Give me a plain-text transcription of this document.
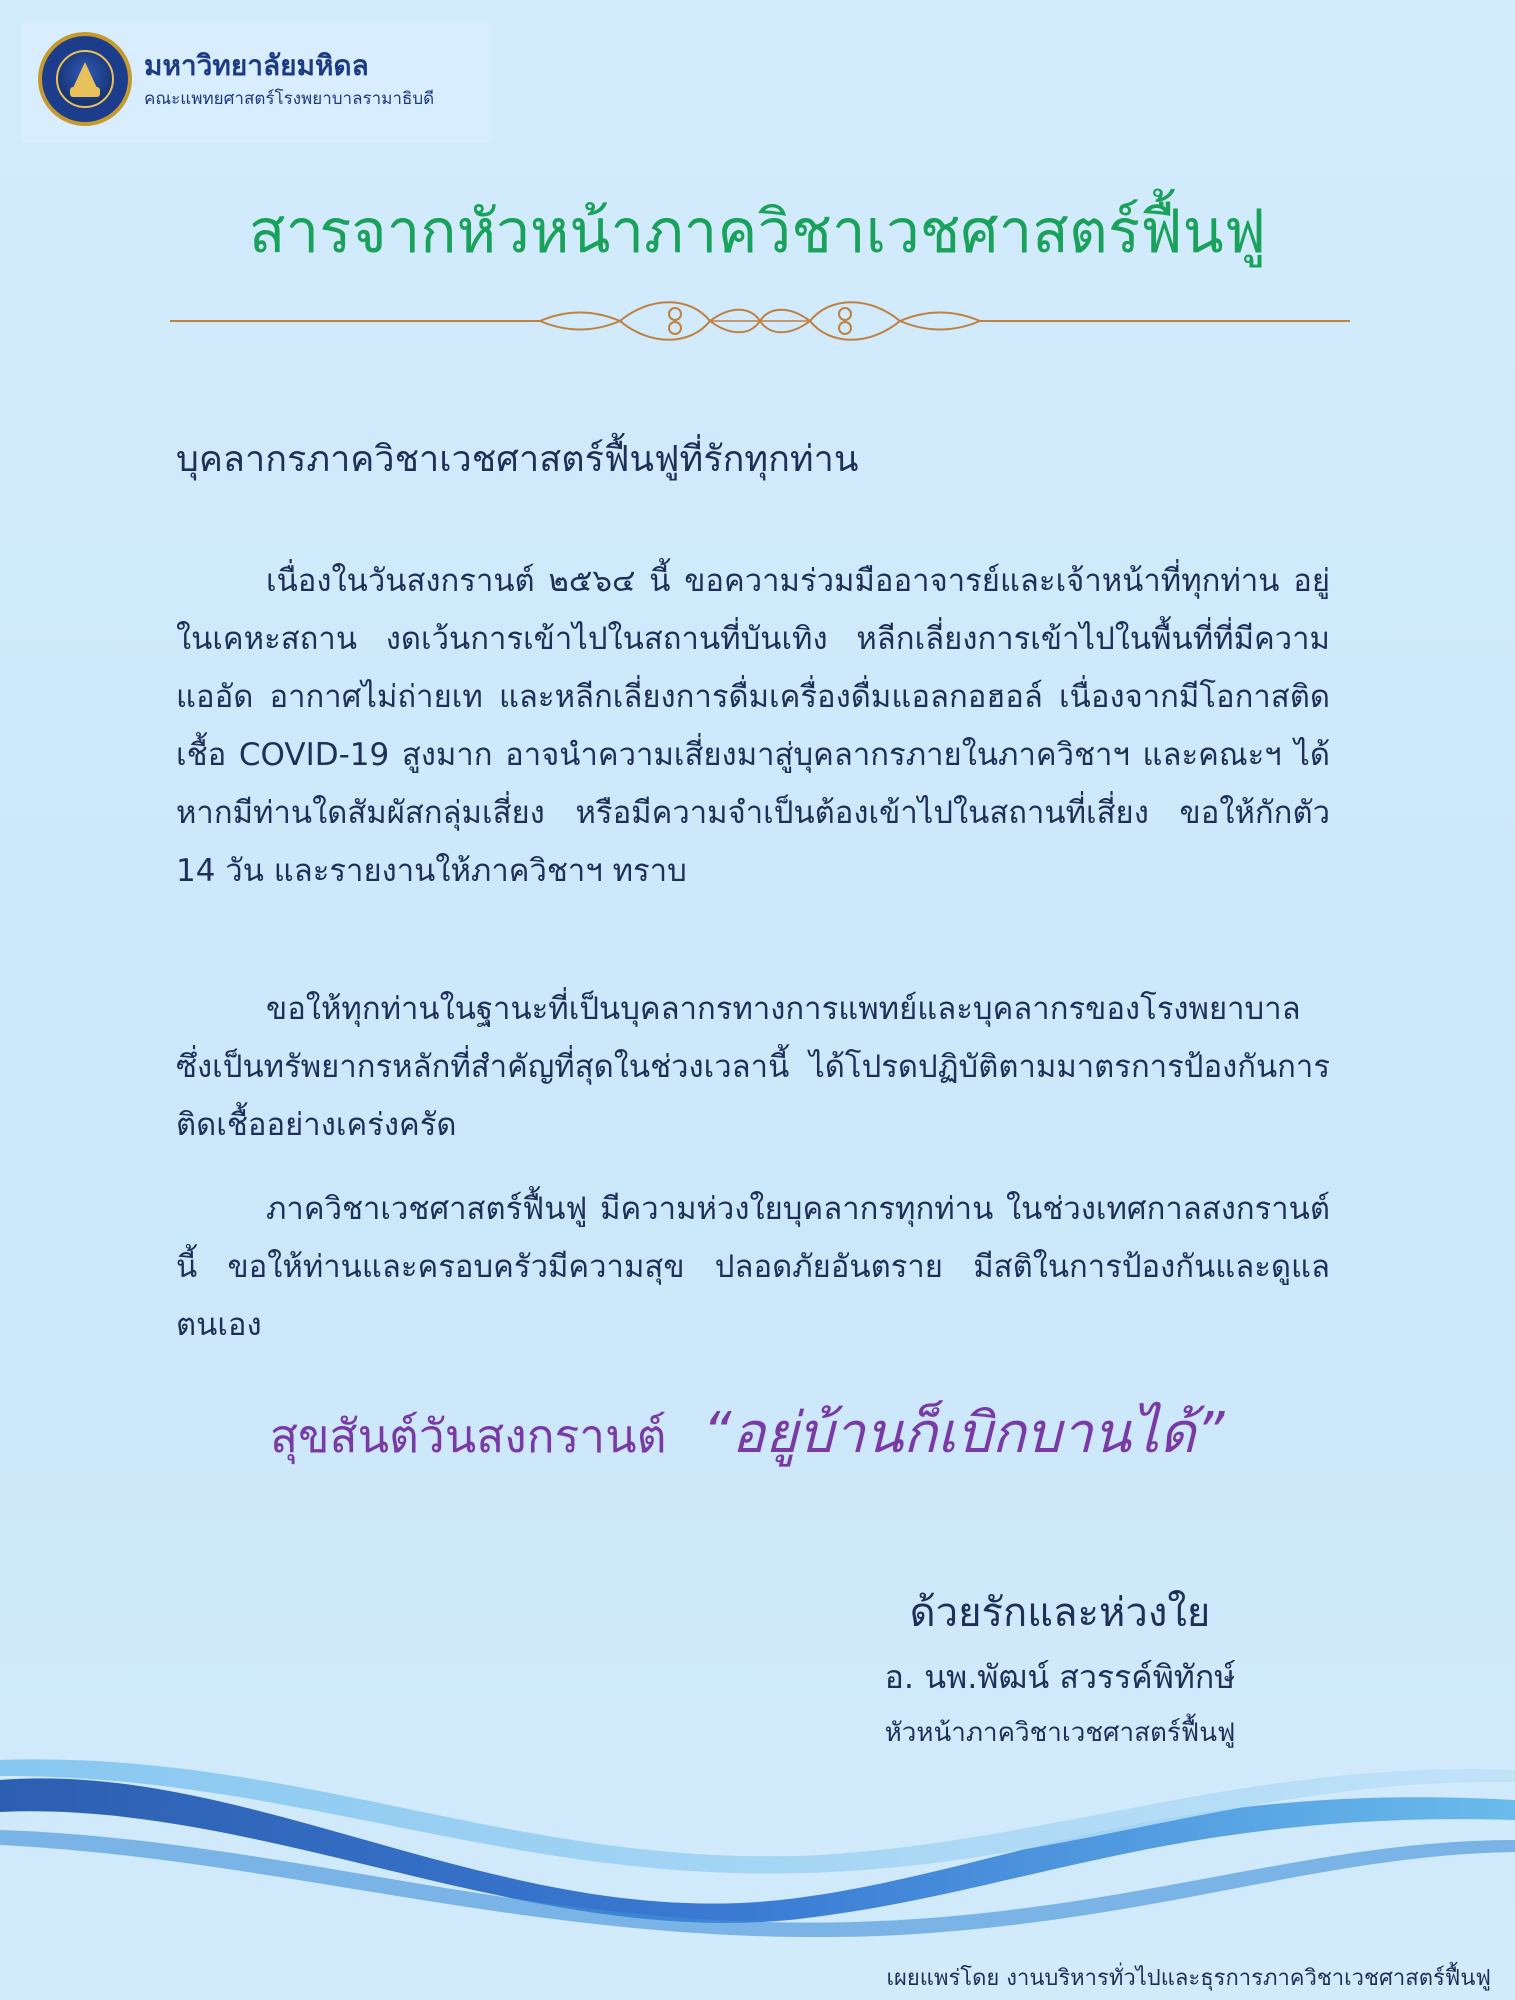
มหาวิทยาลัยมหิดล
คณะแพทยศาสตร์โรงพยาบาลรามาธิบดี
สารจากหัวหน้าภาควิชาเวชศาสตร์ฟื้นฟู
บุคลากรภาควิชาเวชศาสตร์ฟื้นฟูที่รักทุกท่าน

เนื่องในวันสงกรานต์ ๒๕๖๔ นี้ ขอความร่วมมืออาจารย์และเจ้าหน้าที่ทุกท่าน อยู่ในเคหะสถาน งดเว้นการเข้าไปในสถานที่บันเทิง หลีกเลี่ยงการเข้าไปในพื้นที่ที่มีความแออัด อากาศไม่ถ่ายเท และหลีกเลี่ยงการดื่มเครื่องดื่มแอลกอฮอล์ เนื่องจากมีโอกาสติดเชื้อ COVID-19 สูงมาก อาจนำความเสี่ยงมาสู่บุคลากรภายในภาควิชาฯ และคณะฯ ได้ หากมีท่านใดสัมผัสกลุ่มเสี่ยง หรือมีความจำเป็นต้องเข้าไปในสถานที่เสี่ยง ขอให้กักตัว 14 วัน และรายงานให้ภาควิชาฯ ทราบ

ขอให้ทุกท่านในฐานะที่เป็นบุคลากรทางการแพทย์และบุคลากรของโรงพยาบาล ซึ่งเป็นทรัพยากรหลักที่สำคัญที่สุดในช่วงเวลานี้ ได้โปรดปฏิบัติตามมาตรการป้องกันการติดเชื้ออย่างเคร่งครัด

ภาควิชาเวชศาสตร์ฟื้นฟู มีความห่วงใยบุคลากรทุกท่าน ในช่วงเทศกาลสงกรานต์นี้ ขอให้ท่านและครอบครัวมีความสุข ปลอดภัยอันตราย มีสติในการป้องกันและดูแลตนเอง

สุขสันต์วันสงกรานต์ “อยู่บ้านก็เบิกบานได้”
ด้วยรักและห่วงใย
อ. นพ.พัฒน์ สวรรค์พิทักษ์
หัวหน้าภาควิชาเวชศาสตร์ฟื้นฟู
เผยแพร่โดย งานบริหารทั่วไปและธุรการภาควิชาเวชศาสตร์ฟื้นฟู
